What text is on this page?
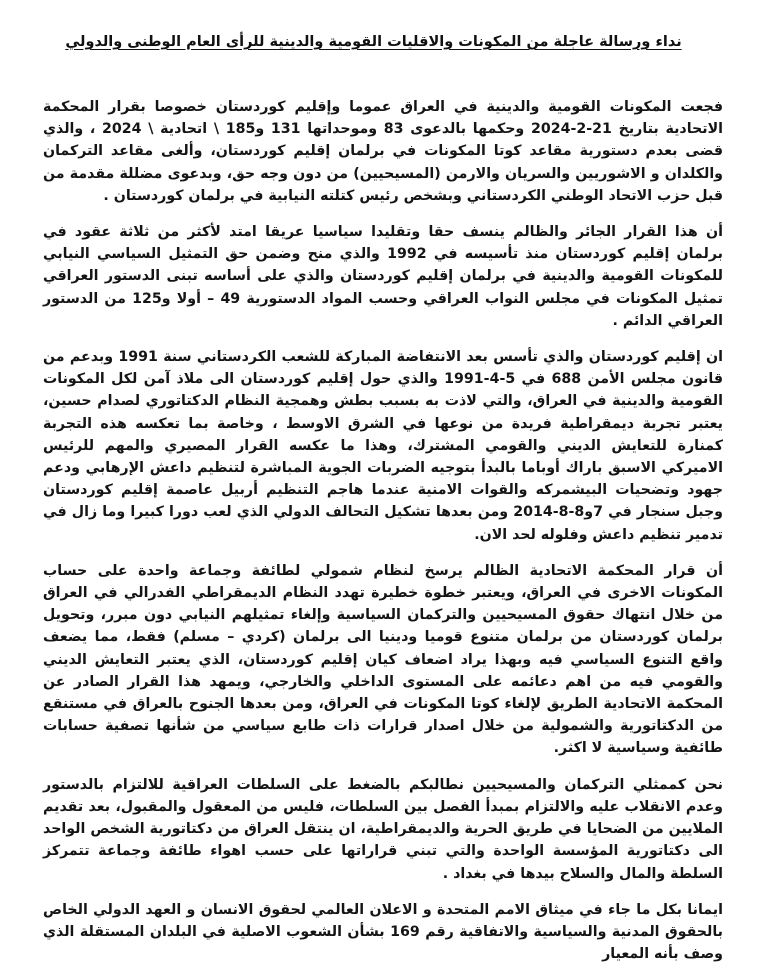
نداء ورسالة عاجلة من المكونات والاقليات القومية والدينية للرأى العام الوطنى والدولي

فجعت المكونات القومية والدينية في العراق عموما وإقليم كوردستان خصوصا بقرار المحكمة الاتحادية بتاريخ 21-2-2024 وحكمها بالدعوى 83 وموحداتها 131 و185 \ اتحادية \ 2024 ، والذي قضى بعدم دستورية مقاعد كوتا المكونات في برلمان إقليم كوردستان، وألغى مقاعد التركمان والكلدان و الاشوريين والسريان والارمن (المسيحيين) من دون وجه حق، وبدعوى مضللة مقدمة من قبل حزب الاتحاد الوطني الكردستاني وبشخص رئيس كتلته النيابية في برلمان كوردستان .

أن هذا القرار الجائر والظالم ينسف حقا وتقليدا سياسيا عريقا امتد لأكثر من ثلاثة عقود في برلمان إقليم كوردستان منذ تأسيسه في 1992 والذي منح وضمن حق التمثيل السياسي النيابي للمكونات القومية والدينية في برلمان إقليم كوردستان والذي على أساسه تبنى الدستور العراقي تمثيل المكونات في مجلس النواب العراقي وحسب المواد الدستورية 49 – أولا و125 من الدستور العراقي الدائم .

ان إقليم كوردستان والذي تأسس بعد الانتفاضة المباركة للشعب الكردستاني سنة 1991 وبدعم من قانون مجلس الأمن 688 في 5-4-1991 والذي حول إقليم كوردستان الى ملاذ آمن لكل المكونات القومية والدينية في العراق، والتي لاذت به بسبب بطش وهمجية النظام الدكتاتوري لصدام حسين، يعتبر تجربة ديمقراطية فريدة من نوعها في الشرق الاوسط ، وخاصة بما تعكسه هذه التجربة كمنارة للتعايش الديني والقومي المشترك، وهذا ما عكسه القرار المصيري والمهم للرئيس الاميركي الاسبق باراك أوباما بالبدأ بتوجيه الضربات الجوية المباشرة لتنظيم داعش الإرهابي ودعم جهود وتضحيات البيشمركه والقوات الامنية عندما هاجم التنظيم أربيل عاصمة إقليم كوردستان وجبل سنجار في 7و8-8-2014 ومن بعدها تشكيل التحالف الدولي الذي لعب دورا كبيرا وما زال في تدمير تنظيم داعش وفلوله لحد الان.

أن قرار المحكمة الاتحادية الظالم يرسخ لنظام شمولي لطائفة وجماعة واحدة على حساب المكونات الاخرى في العراق، ويعتبر خطوة خطيرة تهدد النظام الديمقراطي الفدرالي في العراق من خلال انتهاك حقوق المسيحيين والتركمان السياسية وإلغاء تمثيلهم النيابي دون مبرر، وتحويل برلمان كوردستان من برلمان متنوع قوميا ودينيا الى برلمان (كردي – مسلم) فقط، مما يضعف واقع التنوع السياسي فيه وبهذا يراد اضعاف كيان إقليم كوردستان، الذي يعتبر التعايش الديني والقومي فيه من اهم دعائمه على المستوى الداخلي والخارجي، ويمهد هذا القرار الصادر عن المحكمة الاتحادية الطريق لإلغاء كوتا المكونات في العراق، ومن بعدها الجنوح بالعراق في مستنقع من الدكتاتورية والشمولية من خلال اصدار قرارات ذات طابع سياسي من شأنها تصفية حسابات طائفية وسياسية لا اكثر.

نحن كممثلي التركمان والمسيحيين نطالبكم بالضغط على السلطات العراقية للالتزام بالدستور وعدم الانقلاب عليه والالتزام بمبدأ الفصل بين السلطات، فليس من المعقول والمقبول، بعد تقديم الملايين من الضحايا في طريق الحرية والديمقراطية، ان ينتقل العراق من دكتاتورية الشخص الواحد الى دكتاتورية المؤسسة الواحدة والتي تبني قراراتها على حسب اهواء طائفة وجماعة تتمركز السلطة والمال والسلاح بيدها في بغداد .

ايمانا بكل ما جاء في ميثاق الامم المتحدة و الاعلان العالمي لحقوق الانسان و العهد الدولي الخاص بالحقوق المدنية والسياسية والاتفاقية رقم 169 بشأن الشعوب الاصلية في البلدان المستقلة الذي وصف بأنه المعيار
